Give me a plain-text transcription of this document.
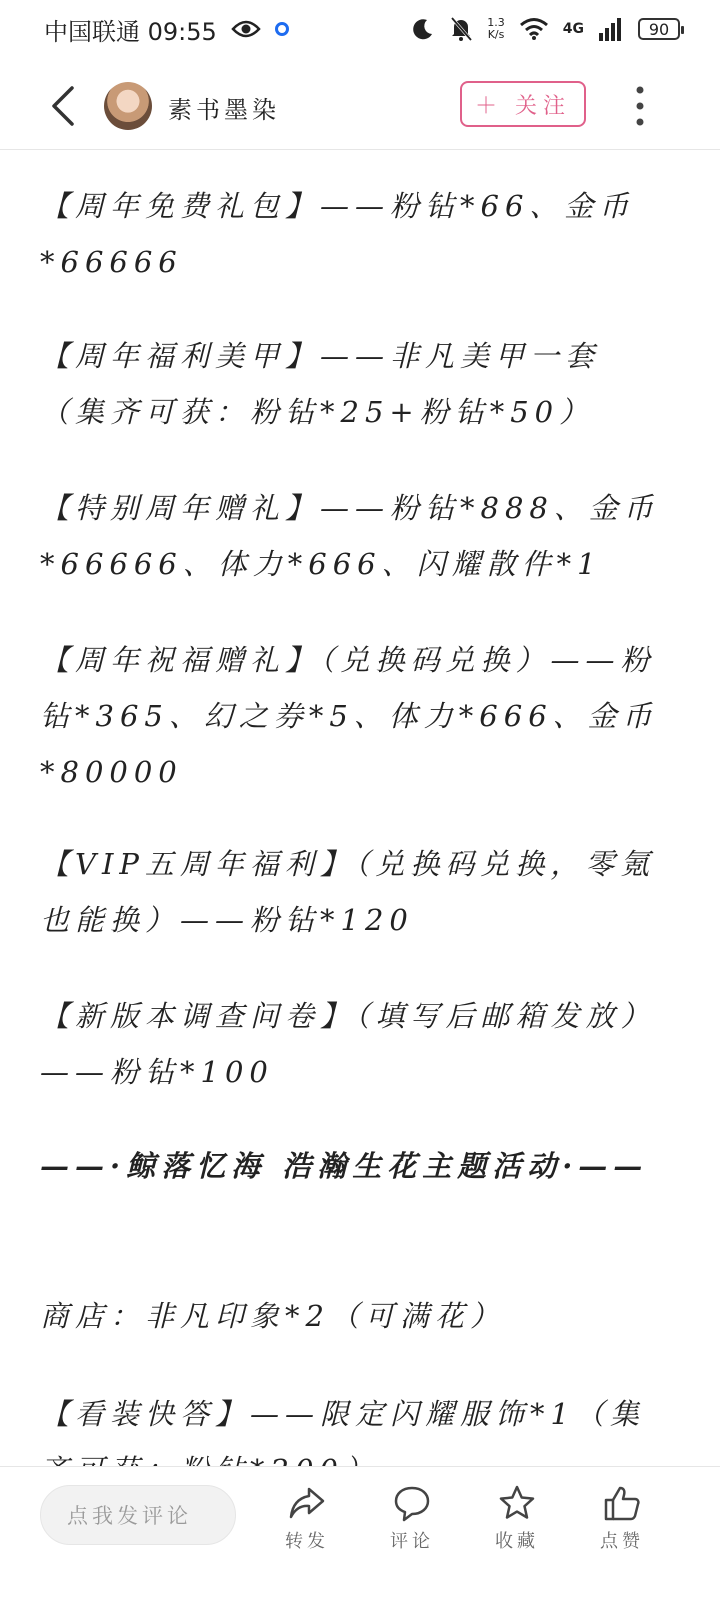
中国联通 09:55	1.3
K/s	4G	90
素书墨染	＋ 关注

【周年免费礼包】——粉钻*66、金币*66666

【周年福利美甲】——非凡美甲一套（集齐可获：粉钻*25+粉钻*50）

【特别周年赠礼】——粉钻*888、金币*66666、体力*666、闪耀散件*1

【周年祝福赠礼】（兑换码兑换）——粉钻*365、幻之券*5、体力*666、金币*80000

【VIP五周年福利】（兑换码兑换，零氪也能换）——粉钻*120

【新版本调查问卷】（填写后邮箱发放）——粉钻*100

——·鲸落忆海 浩瀚生花主题活动·——

商店：非凡印象*2（可满花）

【看装快答】——限定闪耀服饰*1（集

点我发评论
转发	评论	收藏	点赞
